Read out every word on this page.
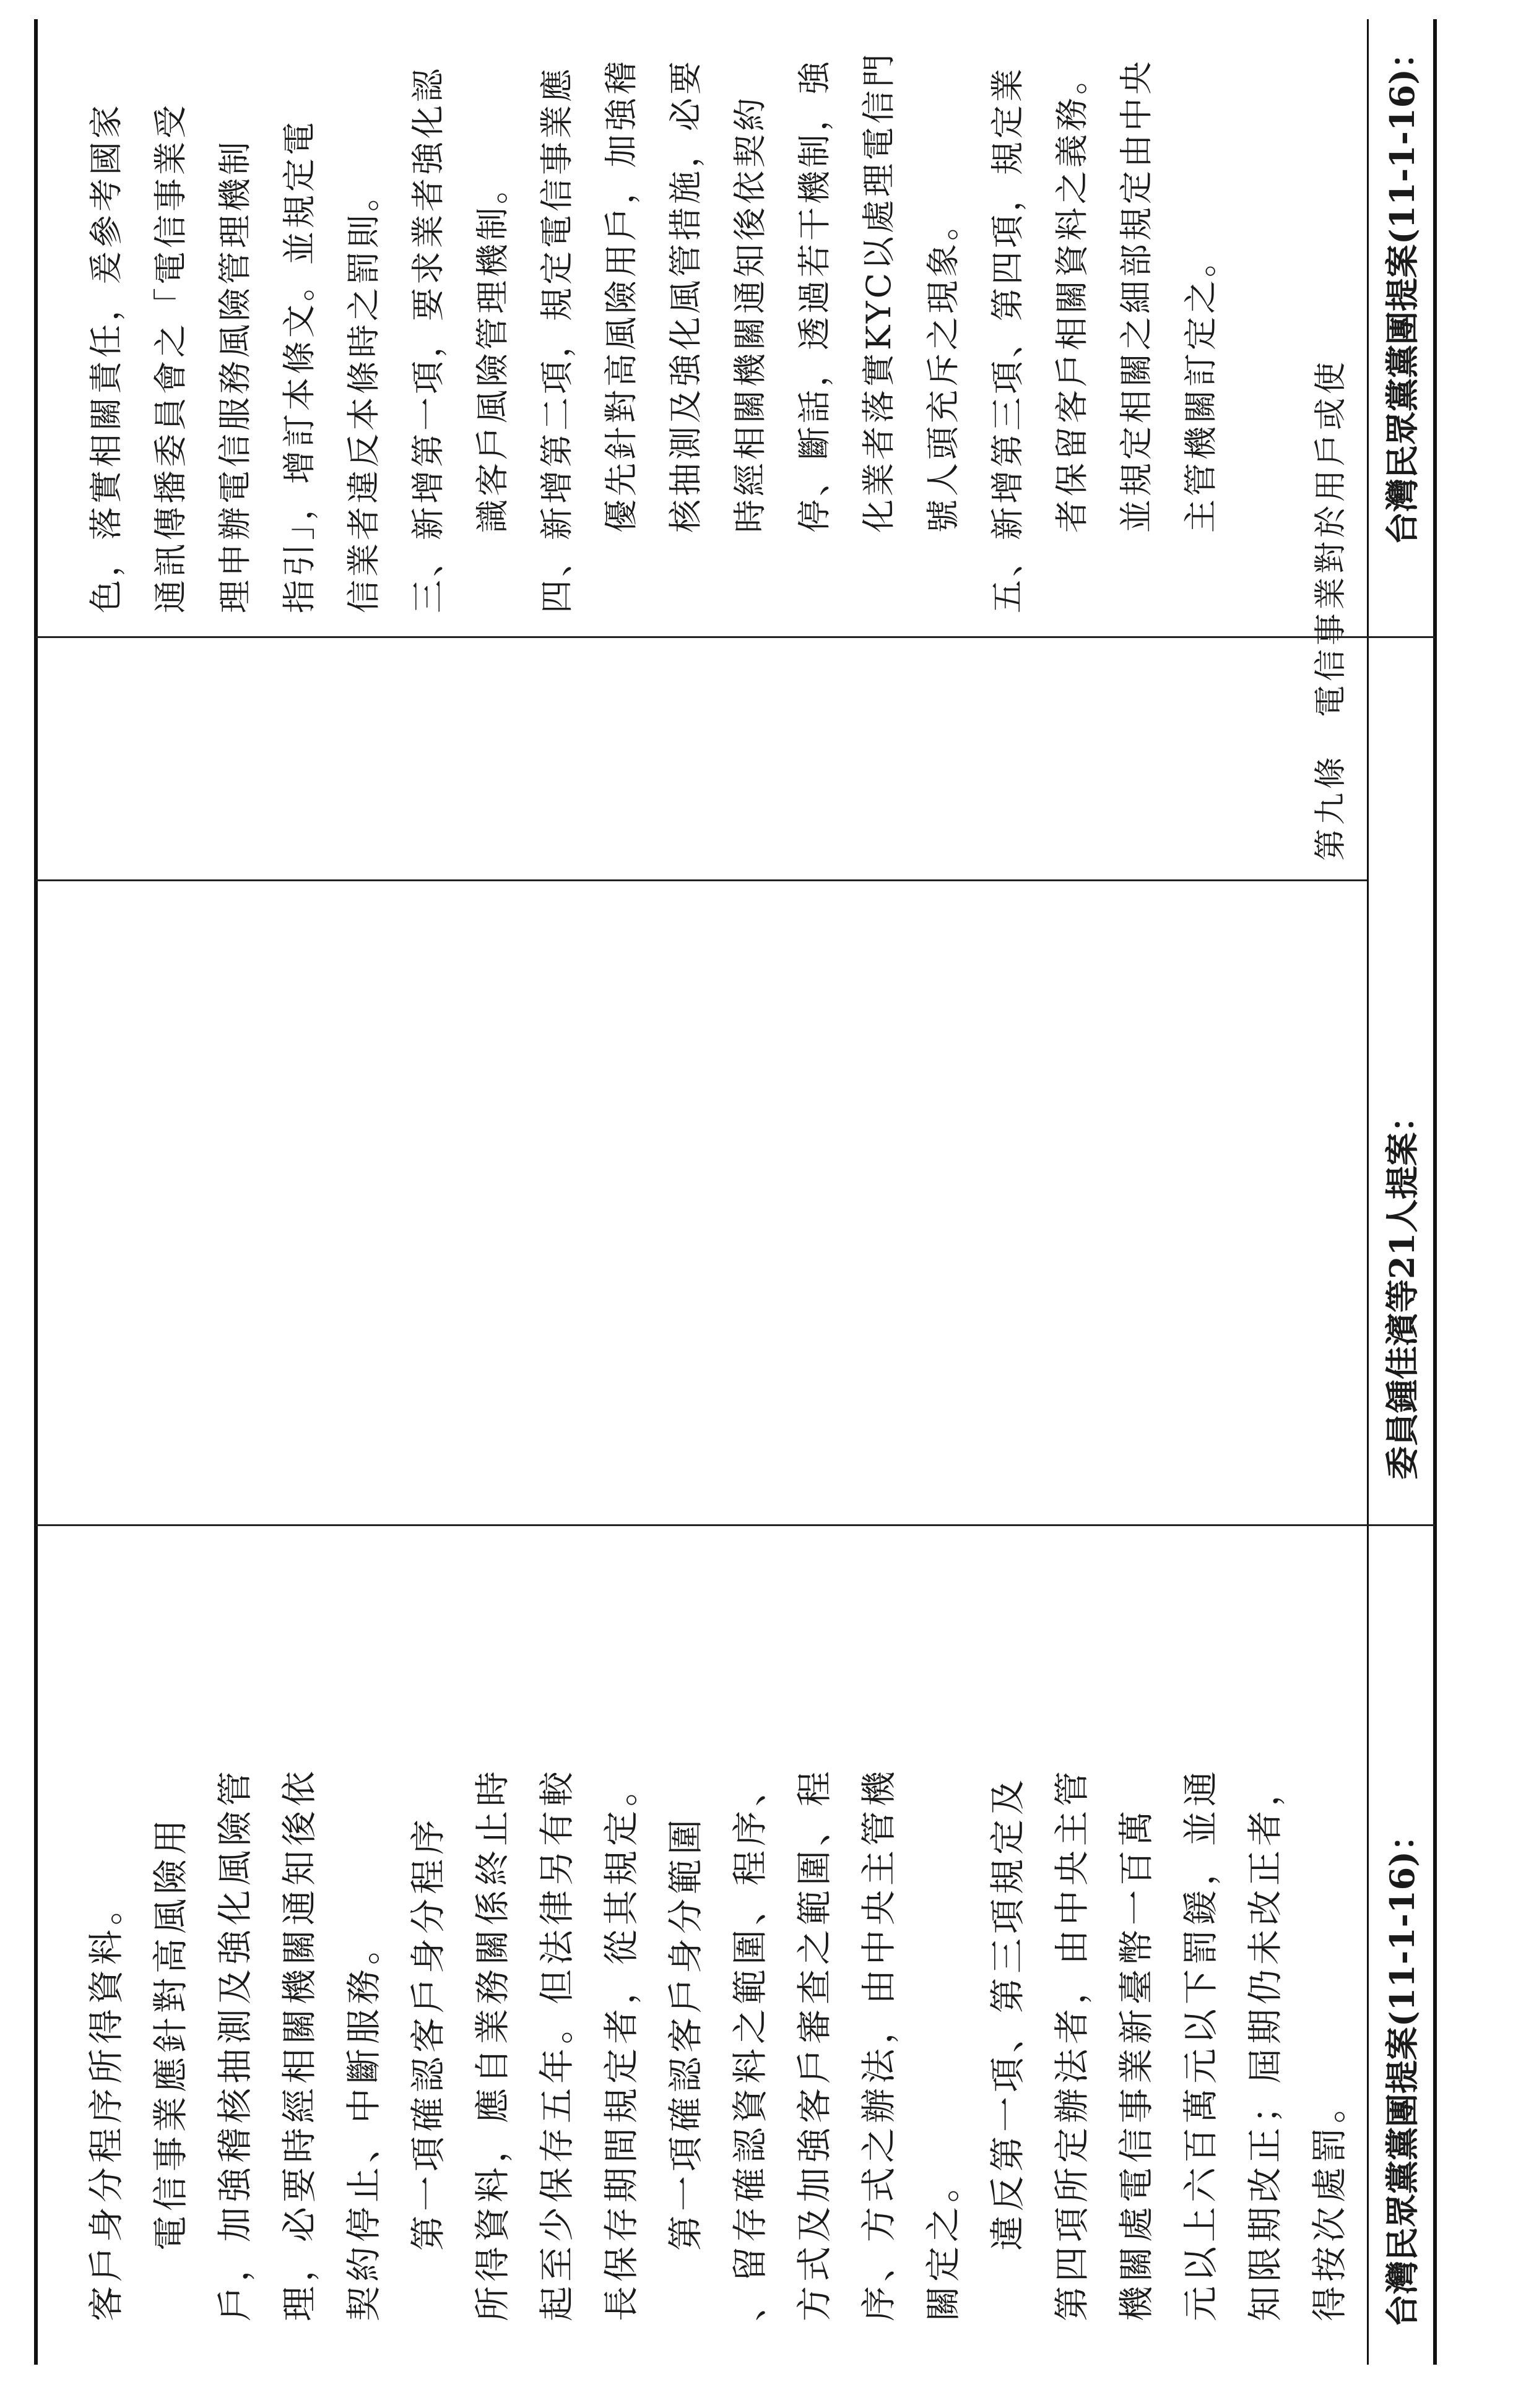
客戶身分程序所得資料。 電信事業應針對高風險用 戶，加強稽核抽測及強化風險管 理，必要時經相關機關通知後依 契約停止、中斷服務。 第一項確認客戶身分程序 所得資料，應自業務關係終止時 起至少保存五年。但法律另有較 長保存期間規定者，從其規定。 第一項確認客戶身分範圍 、留存確認資料之範圍、程序、 方式及加強客戶審查之範圍、程 序、方式之辦法，由中央主管機 關定之。 違反第一項、第三項規定及 第四項所定辦法者，由中央主管 機關處電信事業新臺幣一百萬 元以上六百萬元以下罰鍰，並通 知限期改正；屆期仍未改正者， 得按次處罰。 台灣民眾黨黨團提案(11-1-16)：
委員鍾佳濱等21人提案：
台灣民眾黨黨團提案(11-1-16)：
第九條　電信事業對於用戶或使

色，落實相關責任，爰參考國家 通訊傳播委員會之「電信事業受 理申辦電信服務風險管理機制 指引」，增訂本條文。並規定電 信業者違反本條時之罰則。 三、新增第一項，要求業者強化認識客戶風險管理機制。 四、新增第二項，規定電信事業應優先針對高風險用戶，加強稽核抽測及強化風管措施，必要時經相關機關通知後依契約停、斷話，透過若干機制，強化業者落實KYC以處理電信門號人頭充斥之現象。 五、新增第三項、第四項，規定業者保留客戶相關資料之義務。並規定相關之細部規定由中央主管機關訂定之。
